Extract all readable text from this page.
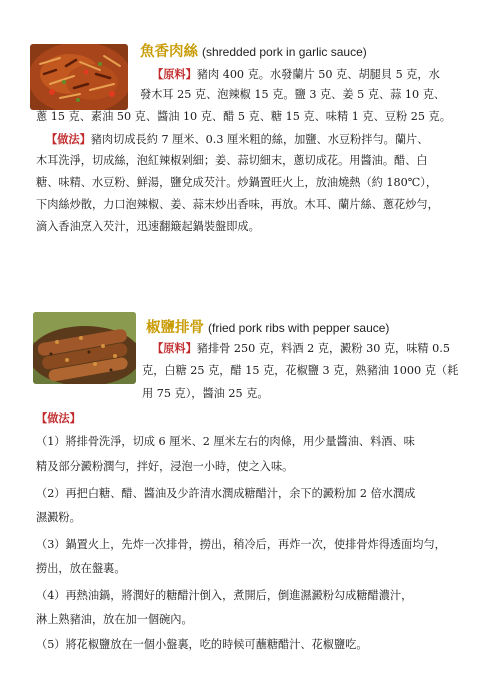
魚香肉絲 (shredded pork in garlic sauce)
【原料】豬肉 400 克。水發蘭片 50 克、胡腿貝 5 克，水
發木耳 25 克、泡辣椒 15 克。鹽 3 克、姜 5 克、蒜 10 克、
蔥 15 克、素油 50 克、醬油 10 克、醋 5 克、糖 15 克、味精 1 克、豆粉 25 克。
【做法】豬肉切成長約 7 厘米、0.3 厘米粗的絲，加鹽、水豆粉拌勻。蘭片、
木耳洗淨，切成絲，泡紅辣椒剁細；姜、蒜切細末，蔥切成花。用醬油。醋、白
糖、味精、水豆粉、鮮湯，鹽兌成芡汁。炒鍋置旺火上，放油燒熱（約 180℃），
下肉絲炒散，力口泡辣椒、姜、蒜末炒出香味，再放。木耳、蘭片絲、蔥花炒勻，
滴入香油烹入芡汁，迅速翻簸起鍋裝盤即成。
椒鹽排骨 (fried pork ribs with pepper sauce)
【原料】豬排骨 250 克，料酒 2 克，澱粉 30 克，味精 0.5
克，白糖 25 克，醋 15 克，花椒鹽 3 克，熟豬油 1000 克（耗
用 75 克），醬油 25 克。
【做法】
（1）將排骨洗淨，切成 6 厘米、2 厘米左右的肉條，用少量醬油、料酒、味
精及部分澱粉潤勻，拌好，浸泡一小時，使之入味。
（2）再把白糖、醋、醬油及少許清水潤成糖醋汁，余下的澱粉加 2 倍水潤成
濕澱粉。
（3）鍋置火上，先炸一次排骨，撈出，稍冷后，再炸一次，使排骨炸得透面均勻，
撈出，放在盤裏。
（4）再熱油鍋，將潤好的糖醋汁倒入，煮開后，倒進濕澱粉勾成糖醋濃汁，
淋上熟豬油，放在加一個碗內。
（5）將花椒鹽放在一個小盤裏，吃的時候可蘸糖醋汁、花椒鹽吃。
